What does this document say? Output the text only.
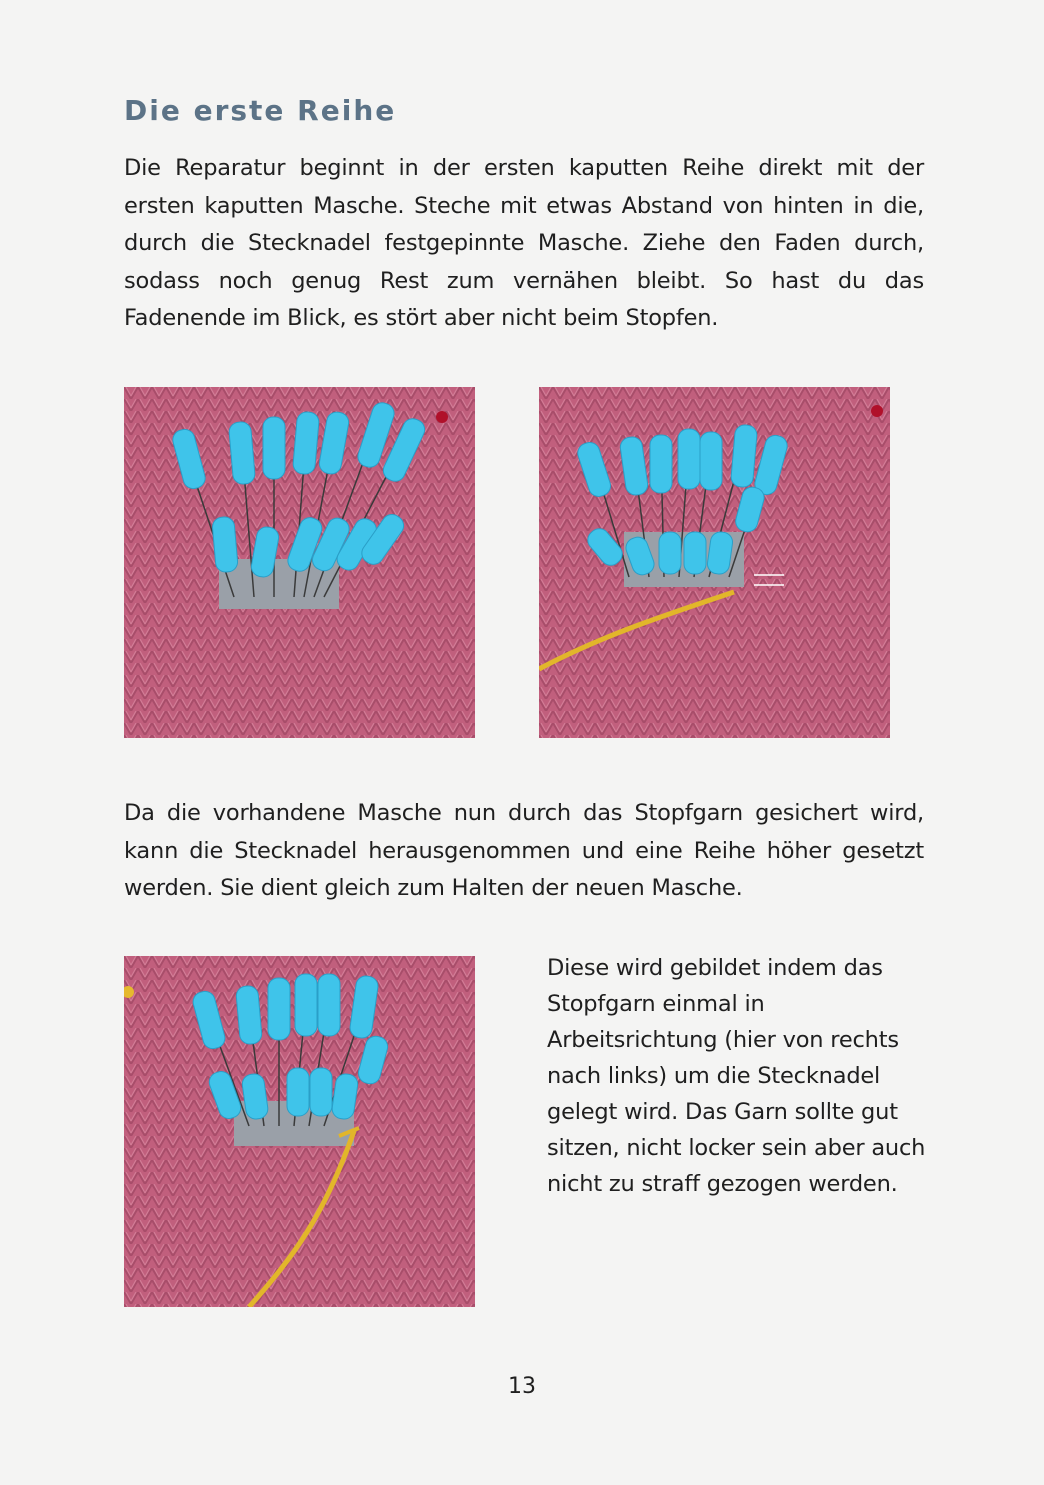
Die erste Reihe

Die Reparatur beginnt in der ersten kaputten Reihe direkt mit der ersten kaputten Masche. Steche mit etwas Abstand von hinten in die, durch die Stecknadel festgepinnte Masche. Ziehe den Faden durch, sodass noch genug Rest zum vernähen bleibt. So hast du das Fadenende im Blick, es stört aber nicht beim Stopfen.

Da die vorhandene Masche nun durch das Stopfgarn gesichert wird, kann die Stecknadel herausgenommen und eine Reihe höher gesetzt werden. Sie dient gleich zum Halten der neuen Masche.

Diese wird gebildet indem das Stopfgarn einmal in Arbeitsrichtung (hier von rechts nach links) um die Stecknadel gelegt wird. Das Garn sollte gut sitzen, nicht locker sein aber auch nicht zu straff gezogen werden.

13
